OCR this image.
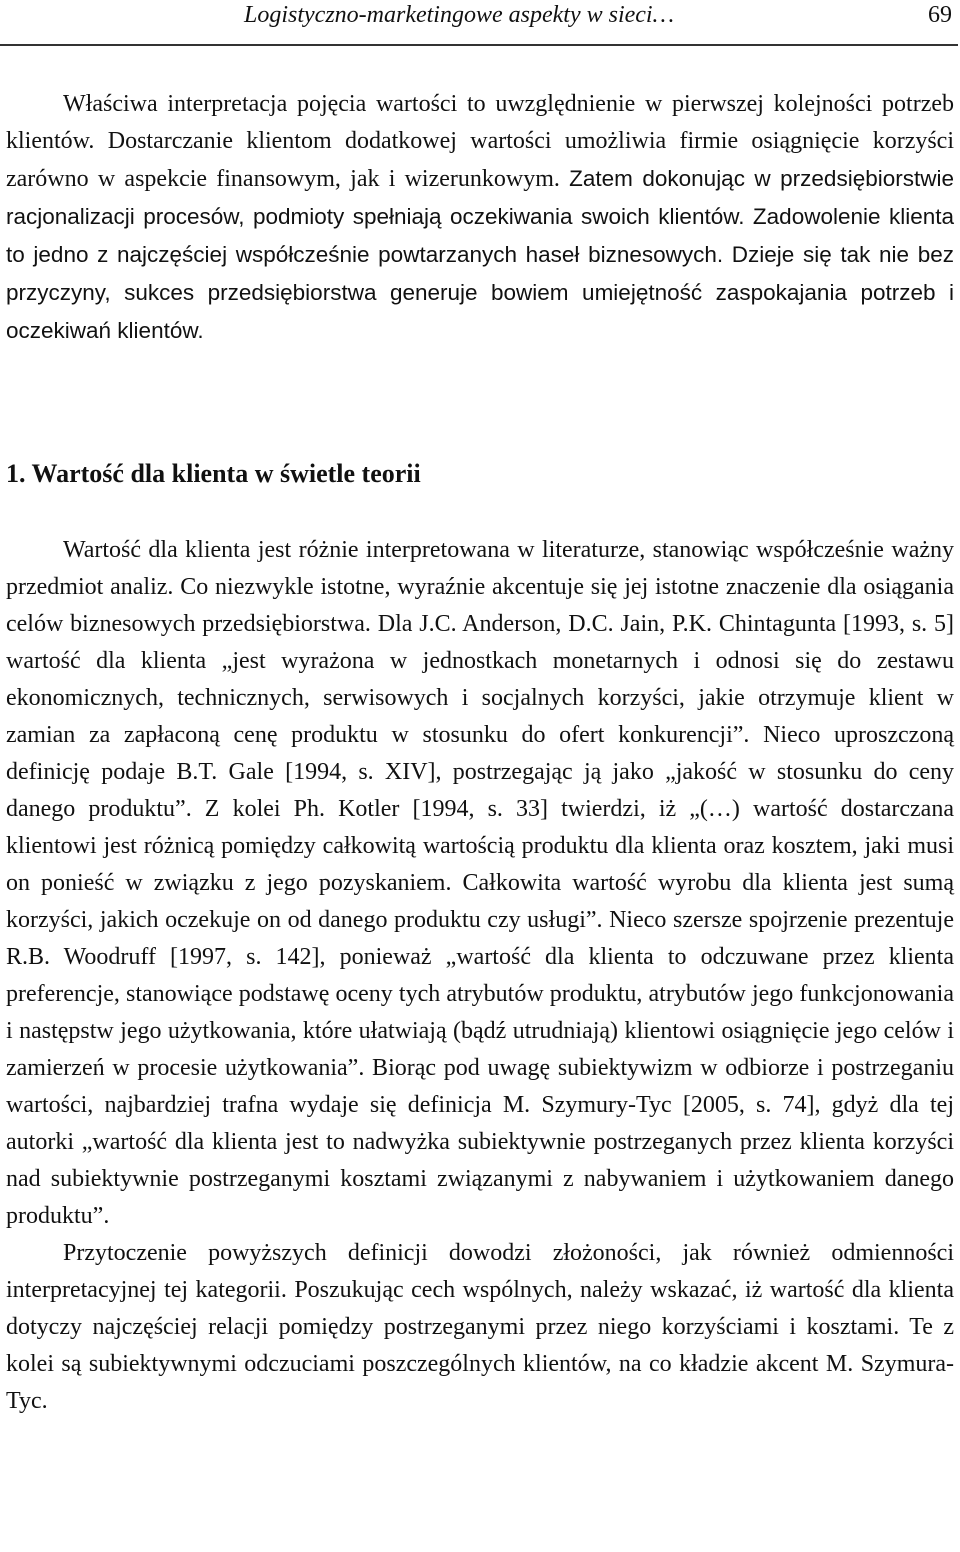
Logistyczno-marketingowe aspekty w sieci…	69

Właściwa interpretacja pojęcia wartości to uwzględnienie w pierwszej kolejności potrzeb klientów. Dostarczanie klientom dodatkowej wartości umożliwia firmie osiągnięcie korzyści zarówno w aspekcie finansowym, jak i wizerunkowym. Zatem dokonując w przedsiębiorstwie racjonalizacji procesów, podmioty spełniają oczekiwania swoich klientów. Zadowolenie klienta to jedno z najczęściej współcześnie powtarzanych haseł biznesowych. Dzieje się tak nie bez przyczyny, sukces przedsiębiorstwa generuje bowiem umiejętność zaspokajania potrzeb i oczekiwań klientów.

1. Wartość dla klienta w świetle teorii

Wartość dla klienta jest różnie interpretowana w literaturze, stanowiąc współcześnie ważny przedmiot analiz. Co niezwykle istotne, wyraźnie akcentuje się jej istotne znaczenie dla osiągania celów biznesowych przedsiębiorstwa. Dla J.C. Anderson, D.C. Jain, P.K. Chintagunta [1993, s. 5] wartość dla klienta „jest wyrażona w jednostkach monetarnych i odnosi się do zestawu ekonomicznych, technicznych, serwisowych i socjalnych korzyści, jakie otrzymuje klient w zamian za zapłaconą cenę produktu w stosunku do ofert konkurencji”. Nieco uproszczoną definicję podaje B.T. Gale [1994, s. XIV], postrzegając ją jako „jakość w stosunku do ceny danego produktu”. Z kolei Ph. Kotler [1994, s. 33] twierdzi, iż „(…) wartość dostarczana klientowi jest różnicą pomiędzy całkowitą wartością produktu dla klienta oraz kosztem, jaki musi on ponieść w związku z jego pozyskaniem. Całkowita wartość wyrobu dla klienta jest sumą korzyści, jakich oczekuje on od danego produktu czy usługi”. Nieco szersze spojrzenie prezentuje R.B. Woodruff [1997, s. 142], ponieważ „wartość dla klienta to odczuwane przez klienta preferencje, stanowiące podstawę oceny tych atrybutów produktu, atrybutów jego funkcjonowania i następstw jego użytkowania, które ułatwiają (bądź utrudniają) klientowi osiągnięcie jego celów i zamierzeń w procesie użytkowania”. Biorąc pod uwagę subiektywizm w odbiorze i postrzeganiu wartości, najbardziej trafna wydaje się definicja M. Szymury-Tyc [2005, s. 74], gdyż dla tej autorki „wartość dla klienta jest to nadwyżka subiektywnie postrzeganych przez klienta korzyści nad subiektywnie postrzeganymi kosztami związanymi z nabywaniem i użytkowaniem danego produktu”.

Przytoczenie powyższych definicji dowodzi złożoności, jak również odmienności interpretacyjnej tej kategorii. Poszukując cech wspólnych, należy wskazać, iż wartość dla klienta dotyczy najczęściej relacji pomiędzy postrzeganymi przez niego korzyściami i kosztami. Te z kolei są subiektywnymi odczuciami poszczególnych klientów, na co kładzie akcent M. Szymura-Tyc.
